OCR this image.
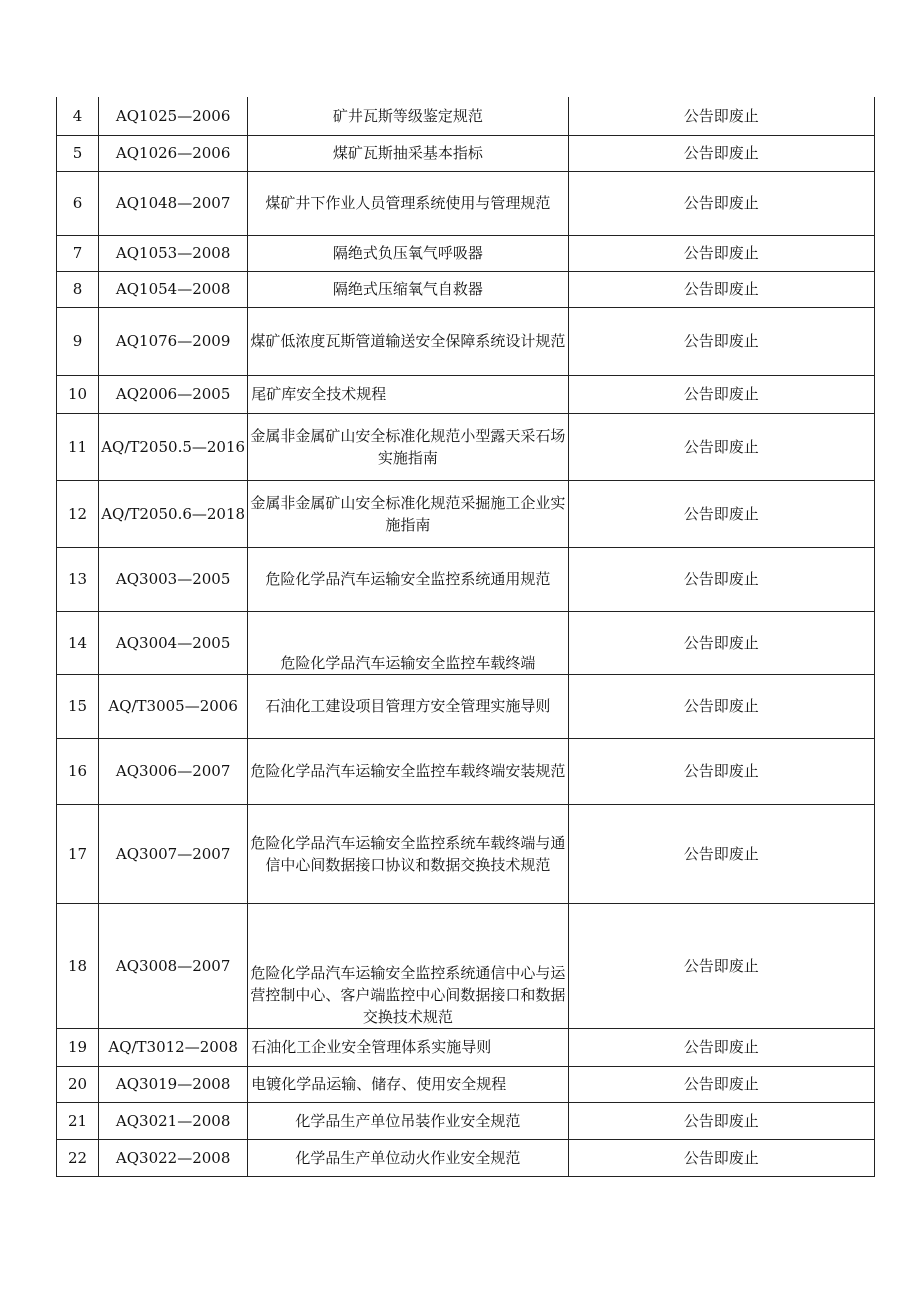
4	AQ1025—2006	矿井瓦斯等级鉴定规范	公告即废止
5	AQ1026—2006	煤矿瓦斯抽采基本指标	公告即废止
6	AQ1048—2007	煤矿井下作业人员管理系统使用与管理规范	公告即废止
7	AQ1053—2008	隔绝式负压氧气呼吸器	公告即废止
8	AQ1054—2008	隔绝式压缩氧气自救器	公告即废止
9	AQ1076—2009	煤矿低浓度瓦斯管道输送安全保障系统设计规范	公告即废止
10	AQ2006—2005	尾矿库安全技术规程	公告即废止
11	AQ/T2050.5—2016	金属非金属矿山安全标准化规范小型露天采石场实施指南	公告即废止
12	AQ/T2050.6—2018	金属非金属矿山安全标准化规范采掘施工企业实施指南	公告即废止
13	AQ3003—2005	危险化学品汽车运输安全监控系统通用规范	公告即废止
14	AQ3004—2005	危险化学品汽车运输安全监控车载终端	公告即废止
15	AQ/T3005—2006	石油化工建设项目管理方安全管理实施导则	公告即废止
16	AQ3006—2007	危险化学品汽车运输安全监控车载终端安装规范	公告即废止
17	AQ3007—2007	危险化学品汽车运输安全监控系统车载终端与通信中心间数据接口协议和数据交换技术规范	公告即废止
18	AQ3008—2007	危险化学品汽车运输安全监控系统通信中心与运营控制中心、客户端监控中心间数据接口和数据交换技术规范	公告即废止
19	AQ/T3012—2008	石油化工企业安全管理体系实施导则	公告即废止
20	AQ3019—2008	电镀化学品运输、储存、使用安全规程	公告即废止
21	AQ3021—2008	化学品生产单位吊装作业安全规范	公告即废止
22	AQ3022—2008	化学品生产单位动火作业安全规范	公告即废止
